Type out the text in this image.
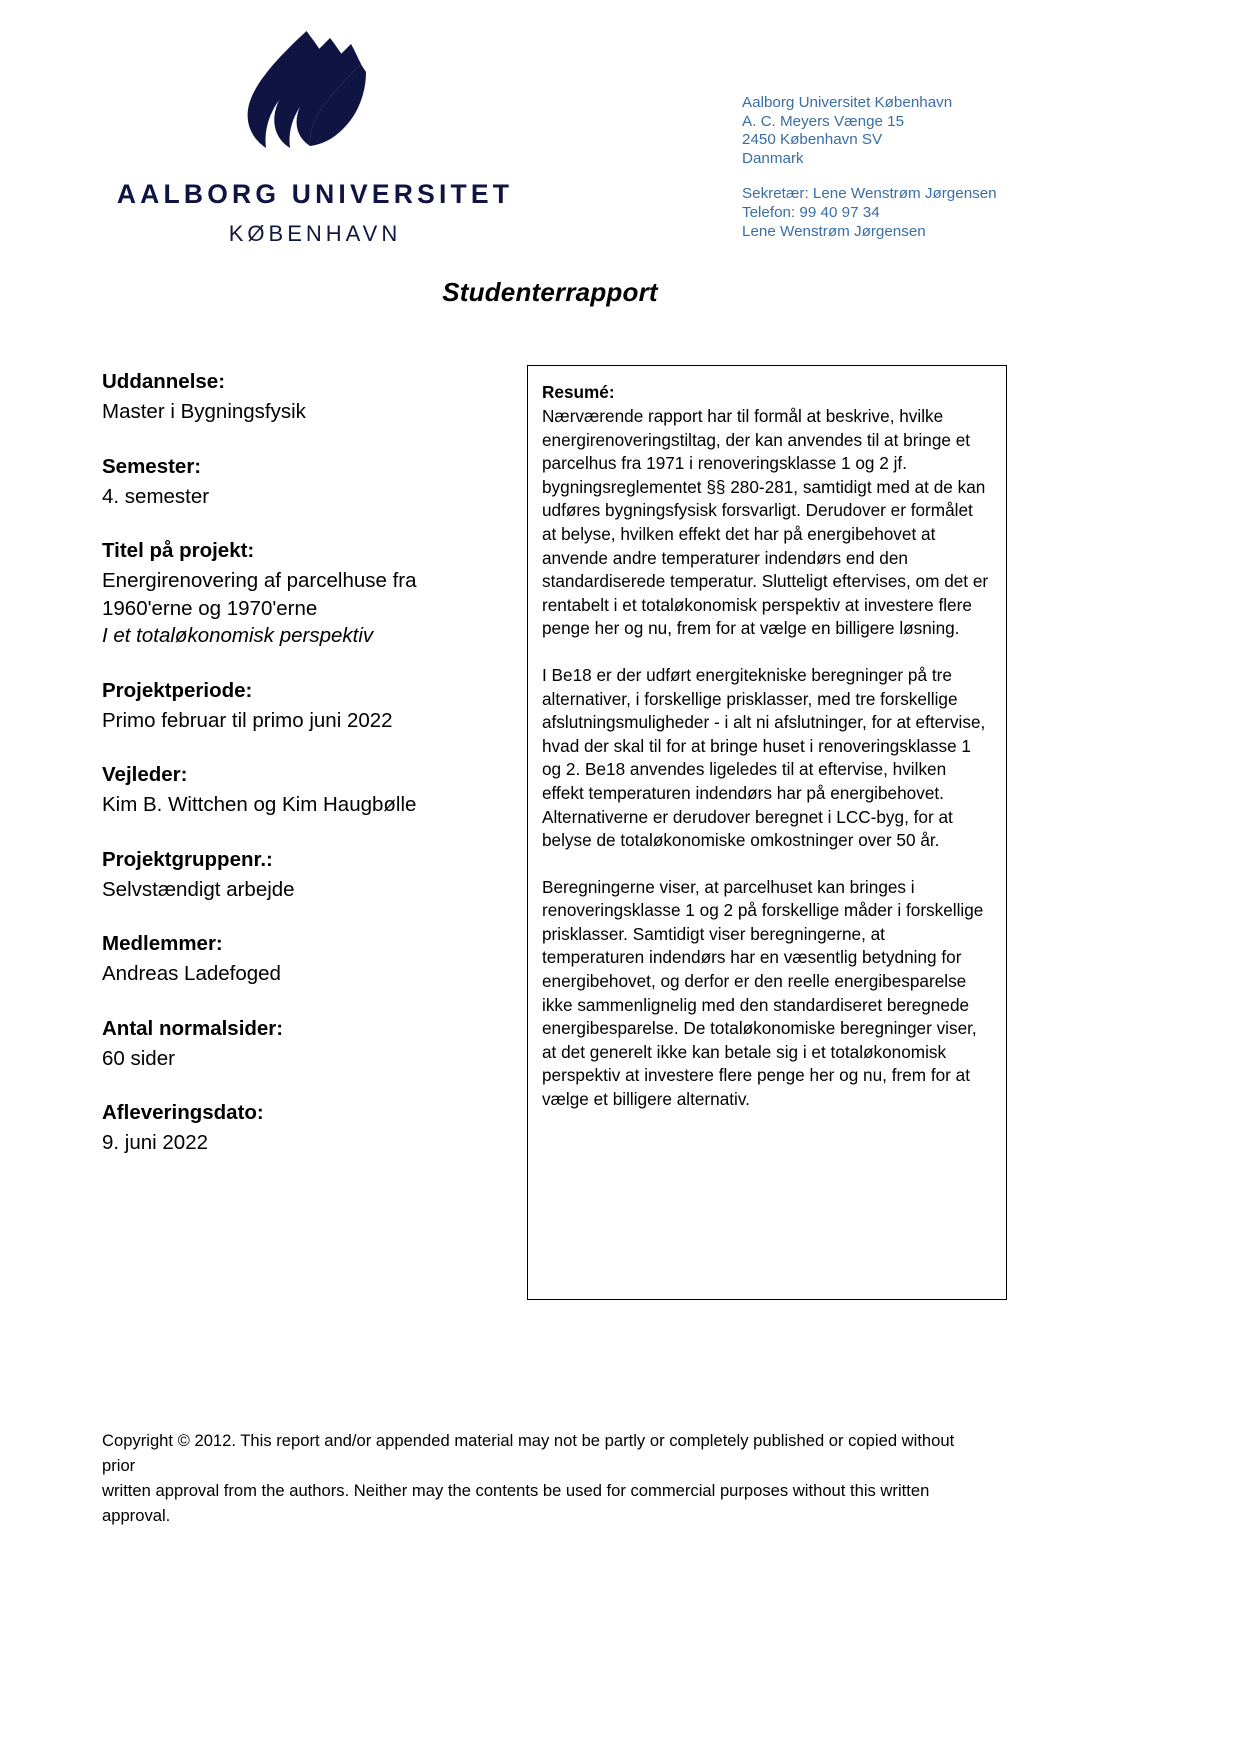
AALBORG UNIVERSITET
KØBENHAVN
Aalborg Universitet København
A. C. Meyers Vænge 15
2450 København SV
Danmark
Sekretær: Lene Wenstrøm Jørgensen
Telefon: 99 40 97 34
Lene Wenstrøm Jørgensen
Studenterrapport
Uddannelse:
Master i Bygningsfysik
Semester:
4. semester
Titel på projekt:
Energirenovering af parcelhuse fra 1960'erne og 1970'erne
I et totaløkonomisk perspektiv
Projektperiode:
Primo februar til primo juni 2022
Vejleder:
Kim B. Wittchen og Kim Haugbølle
Projektgruppenr.:
Selvstændigt arbejde
Medlemmer:
Andreas Ladefoged
Antal normalsider:
60 sider
Afleveringsdato:
9. juni 2022
Resumé:

Nærværende rapport har til formål at beskrive, hvilke energirenoveringstiltag, der kan anvendes til at bringe et parcelhus fra 1971 i renoveringsklasse 1 og 2 jf. bygningsreglementet §§ 280-281, samtidigt med at de kan udføres bygningsfysisk forsvarligt. Derudover er formålet at belyse, hvilken effekt det har på energibehovet at anvende andre temperaturer indendørs end den standardiserede temperatur. Slutteligt eftervises, om det er rentabelt i et totaløkonomisk perspektiv at investere flere penge her og nu, frem for at vælge en billigere løsning.

I Be18 er der udført energitekniske beregninger på tre alternativer, i forskellige prisklasser, med tre forskellige afslutningsmuligheder - i alt ni afslutninger, for at eftervise, hvad der skal til for at bringe huset i renoveringsklasse 1 og 2. Be18 anvendes ligeledes til at eftervise, hvilken effekt temperaturen indendørs har på energibehovet. Alternativerne er derudover beregnet i LCC-byg, for at belyse de totaløkonomiske omkostninger over 50 år.

Beregningerne viser, at parcelhuset kan bringes i renoveringsklasse 1 og 2 på forskellige måder i forskellige prisklasser. Samtidigt viser beregningerne, at temperaturen indendørs har en væsentlig betydning for energibehovet, og derfor er den reelle energibesparelse ikke sammenlignelig med den standardiseret beregnede energibesparelse. De totaløkonomiske beregninger viser, at det generelt ikke kan betale sig i et totaløkonomisk perspektiv at investere flere penge her og nu, frem for at vælge et billigere alternativ.

Copyright © 2012. This report and/or appended material may not be partly or completely published or copied without prior
written approval from the authors. Neither may the contents be used for commercial purposes without this written approval.
